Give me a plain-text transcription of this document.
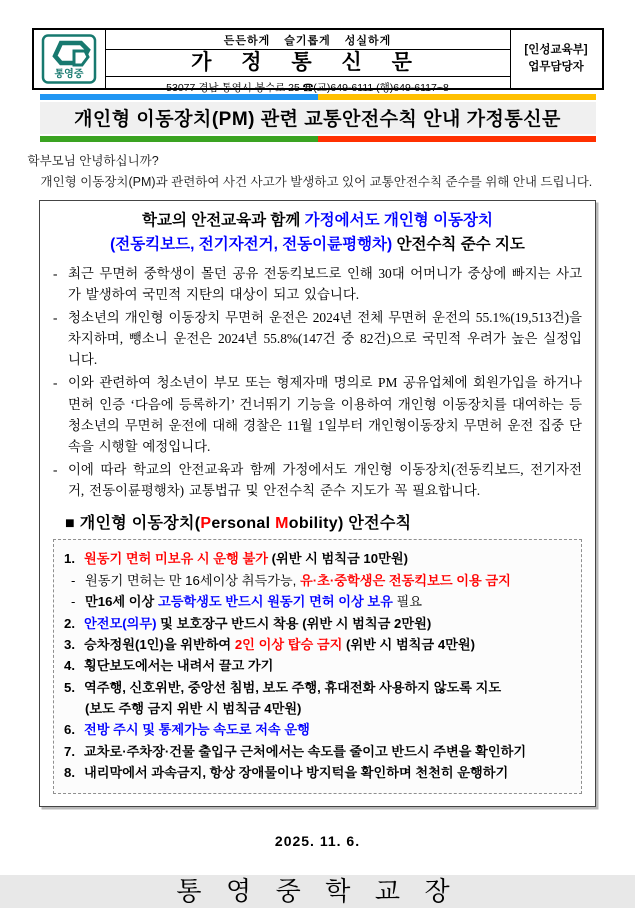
통영중
든든하게 슬기롭게 성실하게
가 정 통 신 문
53077 경남 통영시 봉수로 25 ☎(교)649-6111 (행)649-6117~8
[인성교육부]
업무담당자
개인형 이동장치(PM) 관련 교통안전수칙 안내 가정통신문
학부모님 안녕하십니까?
개인형 이동장치(PM)과 관련하여 사건 사고가 발생하고 있어 교통안전수칙 준수를 위해 안내 드립니다.
학교의 안전교육과 함께 가정에서도 개인형 이동장치
(전동킥보드, 전기자전거, 전동이륜평행차) 안전수칙 준수 지도
- 최근 무면허 중학생이 몰던 공유 전동킥보드로 인해 30대 어머니가 중상에 빠지는 사고가 발생하여 국민적 지탄의 대상이 되고 있습니다.
- 청소년의 개인형 이동장치 무면허 운전은 2024년 전체 무면허 운전의 55.1%(19,513건)을 차지하며, 뺑소니 운전은 2024년 55.8%(147건 중 82건)으로 국민적 우려가 높은 실정입니다.
- 이와 관련하여 청소년이 부모 또는 형제자매 명의로 PM 공유업체에 회원가입을 하거나 면허 인증 ‘다음에 등록하기’ 건너뛰기 기능을 이용하여 개인형 이동장치를 대여하는 등 청소년의 무면허 운전에 대해 경찰은 11월 1일부터 개인형이동장치 무면허 운전 집중 단속을 시행할 예정입니다.
- 이에 따라 학교의 안전교육과 함께 가정에서도 개인형 이동장치(전동킥보드, 전기자전거, 전동이륜평행차) 교통법규 및 안전수칙 준수 지도가 꼭 필요합니다.
■ 개인형 이동장치(Personal Mobility) 안전수칙
1. 원동기 면허 미보유 시 운행 불가 (위반 시 범칙금 10만원)
- 원동기 면허는 만 16세이상 취득가능, 유·초·중학생은 전동킥보드 이용 금지
- 만16세 이상 고등학생도 반드시 원동기 면허 이상 보유 필요
2. 안전모(의무) 및 보호장구 반드시 착용 (위반 시 범칙금 2만원)
3. 승차정원(1인)을 위반하여 2인 이상 탑승 금지 (위반 시 범칙금 4만원)
4. 횡단보도에서는 내려서 끌고 가기
5. 역주행, 신호위반, 중앙선 침범, 보도 주행, 휴대전화 사용하지 않도록 지도
(보도 주행 금지 위반 시 범칙금 4만원)
6. 전방 주시 및 통제가능 속도로 저속 운행
7. 교차로·주차장·건물 출입구 근처에서는 속도를 줄이고 반드시 주변을 확인하기
8. 내리막에서 과속금지, 항상 장애물이나 방지턱을 확인하며 천천히 운행하기
2025. 11. 6.
통 영 중 학 교 장
